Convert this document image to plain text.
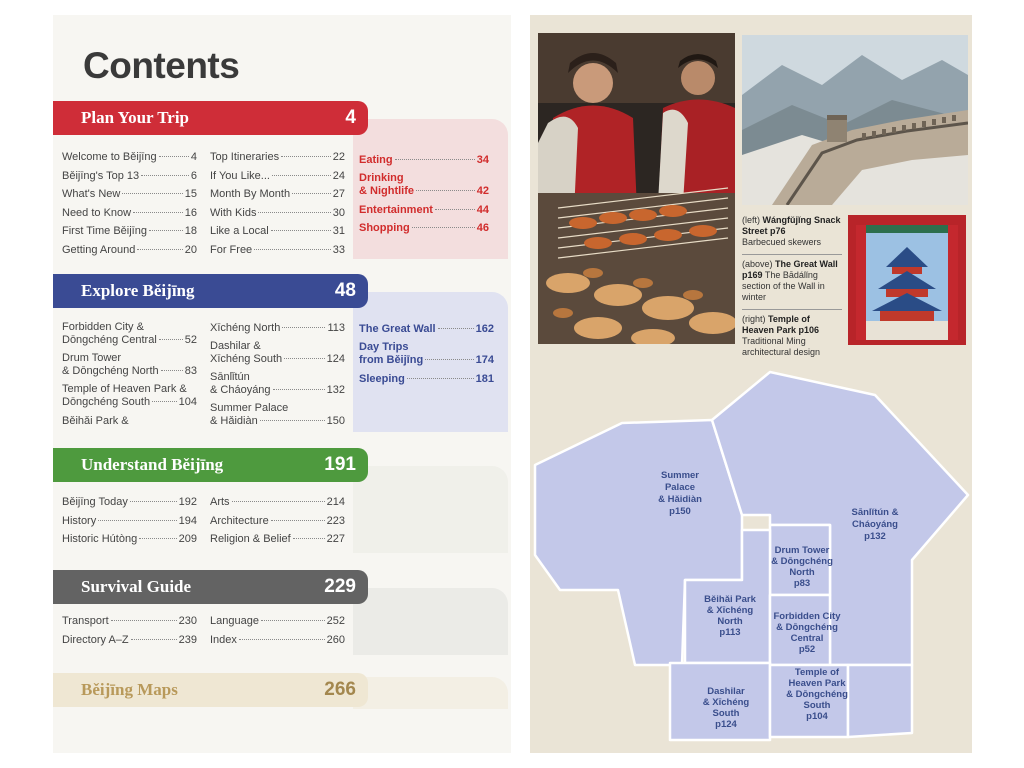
Contents
Plan Your Trip	4
Welcome to Běijīng	4
Běijīng's Top 13	6
What's New	15
Need to Know	16
First Time Běijīng	18
Getting Around	20
Top Itineraries	22
If You Like...	24
Month By Month	27
With Kids	30
Like a Local	31
For Free	33
Eating	34
Drinking
& Nightlife	42
Entertainment	44
Shopping	46
Explore Běijīng	48
Forbidden City &
Dōngchéng Central	52
Drum Tower
& Dōngchéng North 83
Temple of Heaven Park &
Dōngchéng South	104
Běihǎi Park &
Xīchéng North	113
Dashilar &
Xīchéng South	124
Sānlǐtún
& Cháoyáng	132
Summer Palace
& Hǎidiàn	150
The Great Wall	162
Day Trips
from Běijīng	174
Sleeping	181
Understand Běijīng	191
Běijīng Today	192
History	194
Historic Hútòng	209
Arts	214
Architecture	223
Religion & Belief	227
Survival Guide	229
Transport	230
Directory A–Z	239
Language	252
Index	260
Běijīng Maps	266
(left) Wángfǔjǐng Snack Street p76
Barbecued skewers
(above) The Great Wall p169 The Bādálǐng section of the Wall in winter
(right) Temple of Heaven Park p106
Traditional Ming architectural design
Summer
Palace
& Hǎidiàn
p150	Sānlǐtún &
Cháoyáng
p132
Drum Tower
& Dōngchéng
North
p83
Běihǎi Park
& Xīchéng
North
p113
Forbidden City
& Dōngchéng
Central
p52
Dashilar
& Xīchéng
South
p124
Temple of
Heaven Park
& Dōngchéng
South
p104
